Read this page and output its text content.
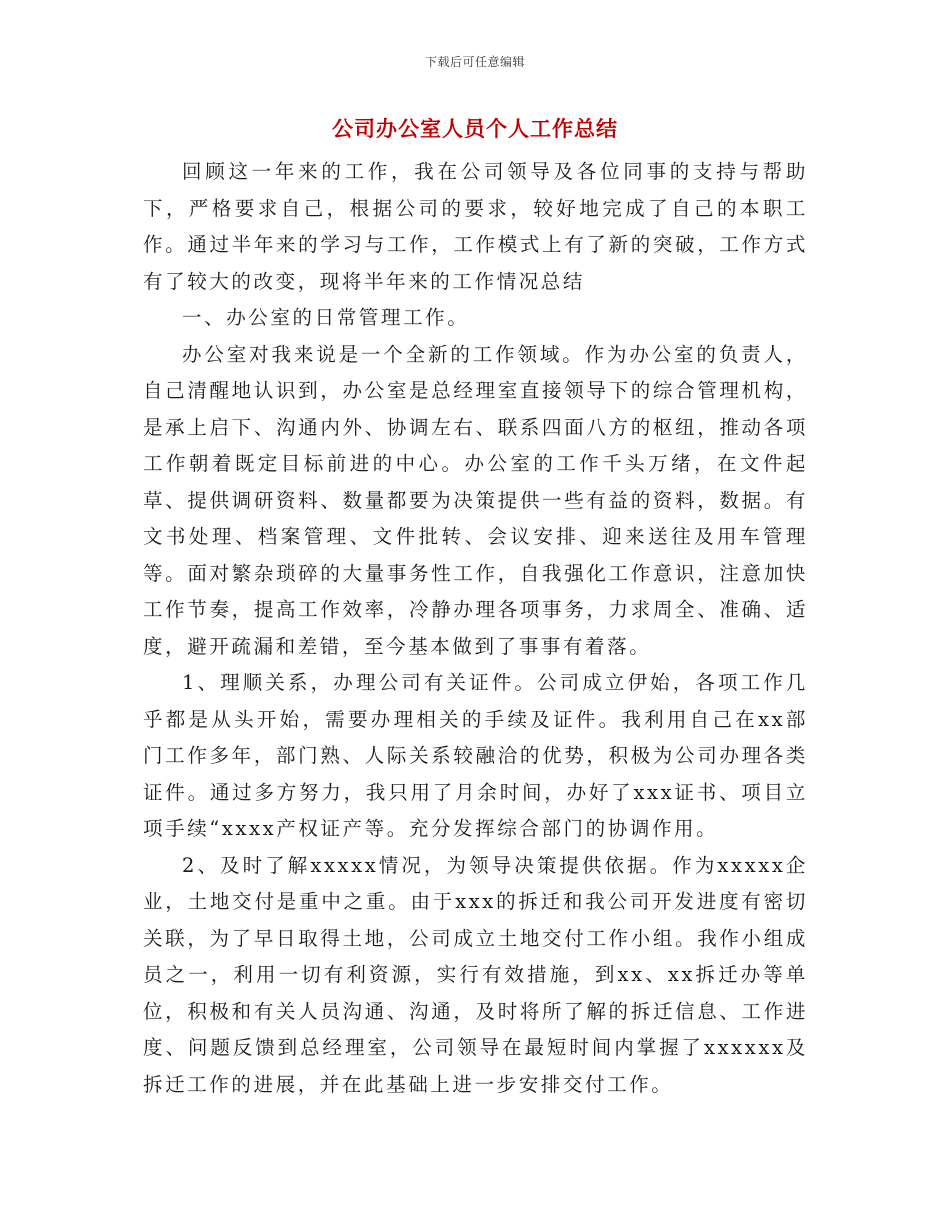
下载后可任意编辑
公司办公室人员个人工作总结

回顾这一年来的工作，我在公司领导及各位同事的支持与帮助下，严格要求自己，根据公司的要求，较好地完成了自己的本职工作。通过半年来的学习与工作，工作模式上有了新的突破，工作方式有了较大的改变，现将半年来的工作情况总结

一、办公室的日常管理工作。

办公室对我来说是一个全新的工作领域。作为办公室的负责人，自己清醒地认识到，办公室是总经理室直接领导下的综合管理机构，是承上启下、沟通内外、协调左右、联系四面八方的枢纽，推动各项工作朝着既定目标前进的中心。办公室的工作千头万绪，在文件起草、提供调研资料、数量都要为决策提供一些有益的资料，数据。有文书处理、档案管理、文件批转、会议安排、迎来送往及用车管理等。面对繁杂琐碎的大量事务性工作，自我强化工作意识，注意加快工作节奏，提高工作效率，冷静办理各项事务，力求周全、准确、适度，避开疏漏和差错，至今基本做到了事事有着落。

1、理顺关系，办理公司有关证件。公司成立伊始，各项工作几乎都是从头开始，需要办理相关的手续及证件。我利用自己在xx部门工作多年，部门熟、人际关系较融洽的优势，积极为公司办理各类证件。通过多方努力，我只用了月余时间，办好了xxx证书、项目立项手续“xxxx产权证产等。充分发挥综合部门的协调作用。

2、及时了解xxxxx情况，为领导决策提供依据。作为xxxxx企业，土地交付是重中之重。由于xxx的拆迁和我公司开发进度有密切关联，为了早日取得土地，公司成立土地交付工作小组。我作小组成员之一，利用一切有利资源，实行有效措施，到xx、xx拆迁办等单位，积极和有关人员沟通、沟通，及时将所了解的拆迁信息、工作进度、问题反馈到总经理室，公司领导在最短时间内掌握了xxxxxx及拆迁工作的进展，并在此基础上进一步安排交付工作。
